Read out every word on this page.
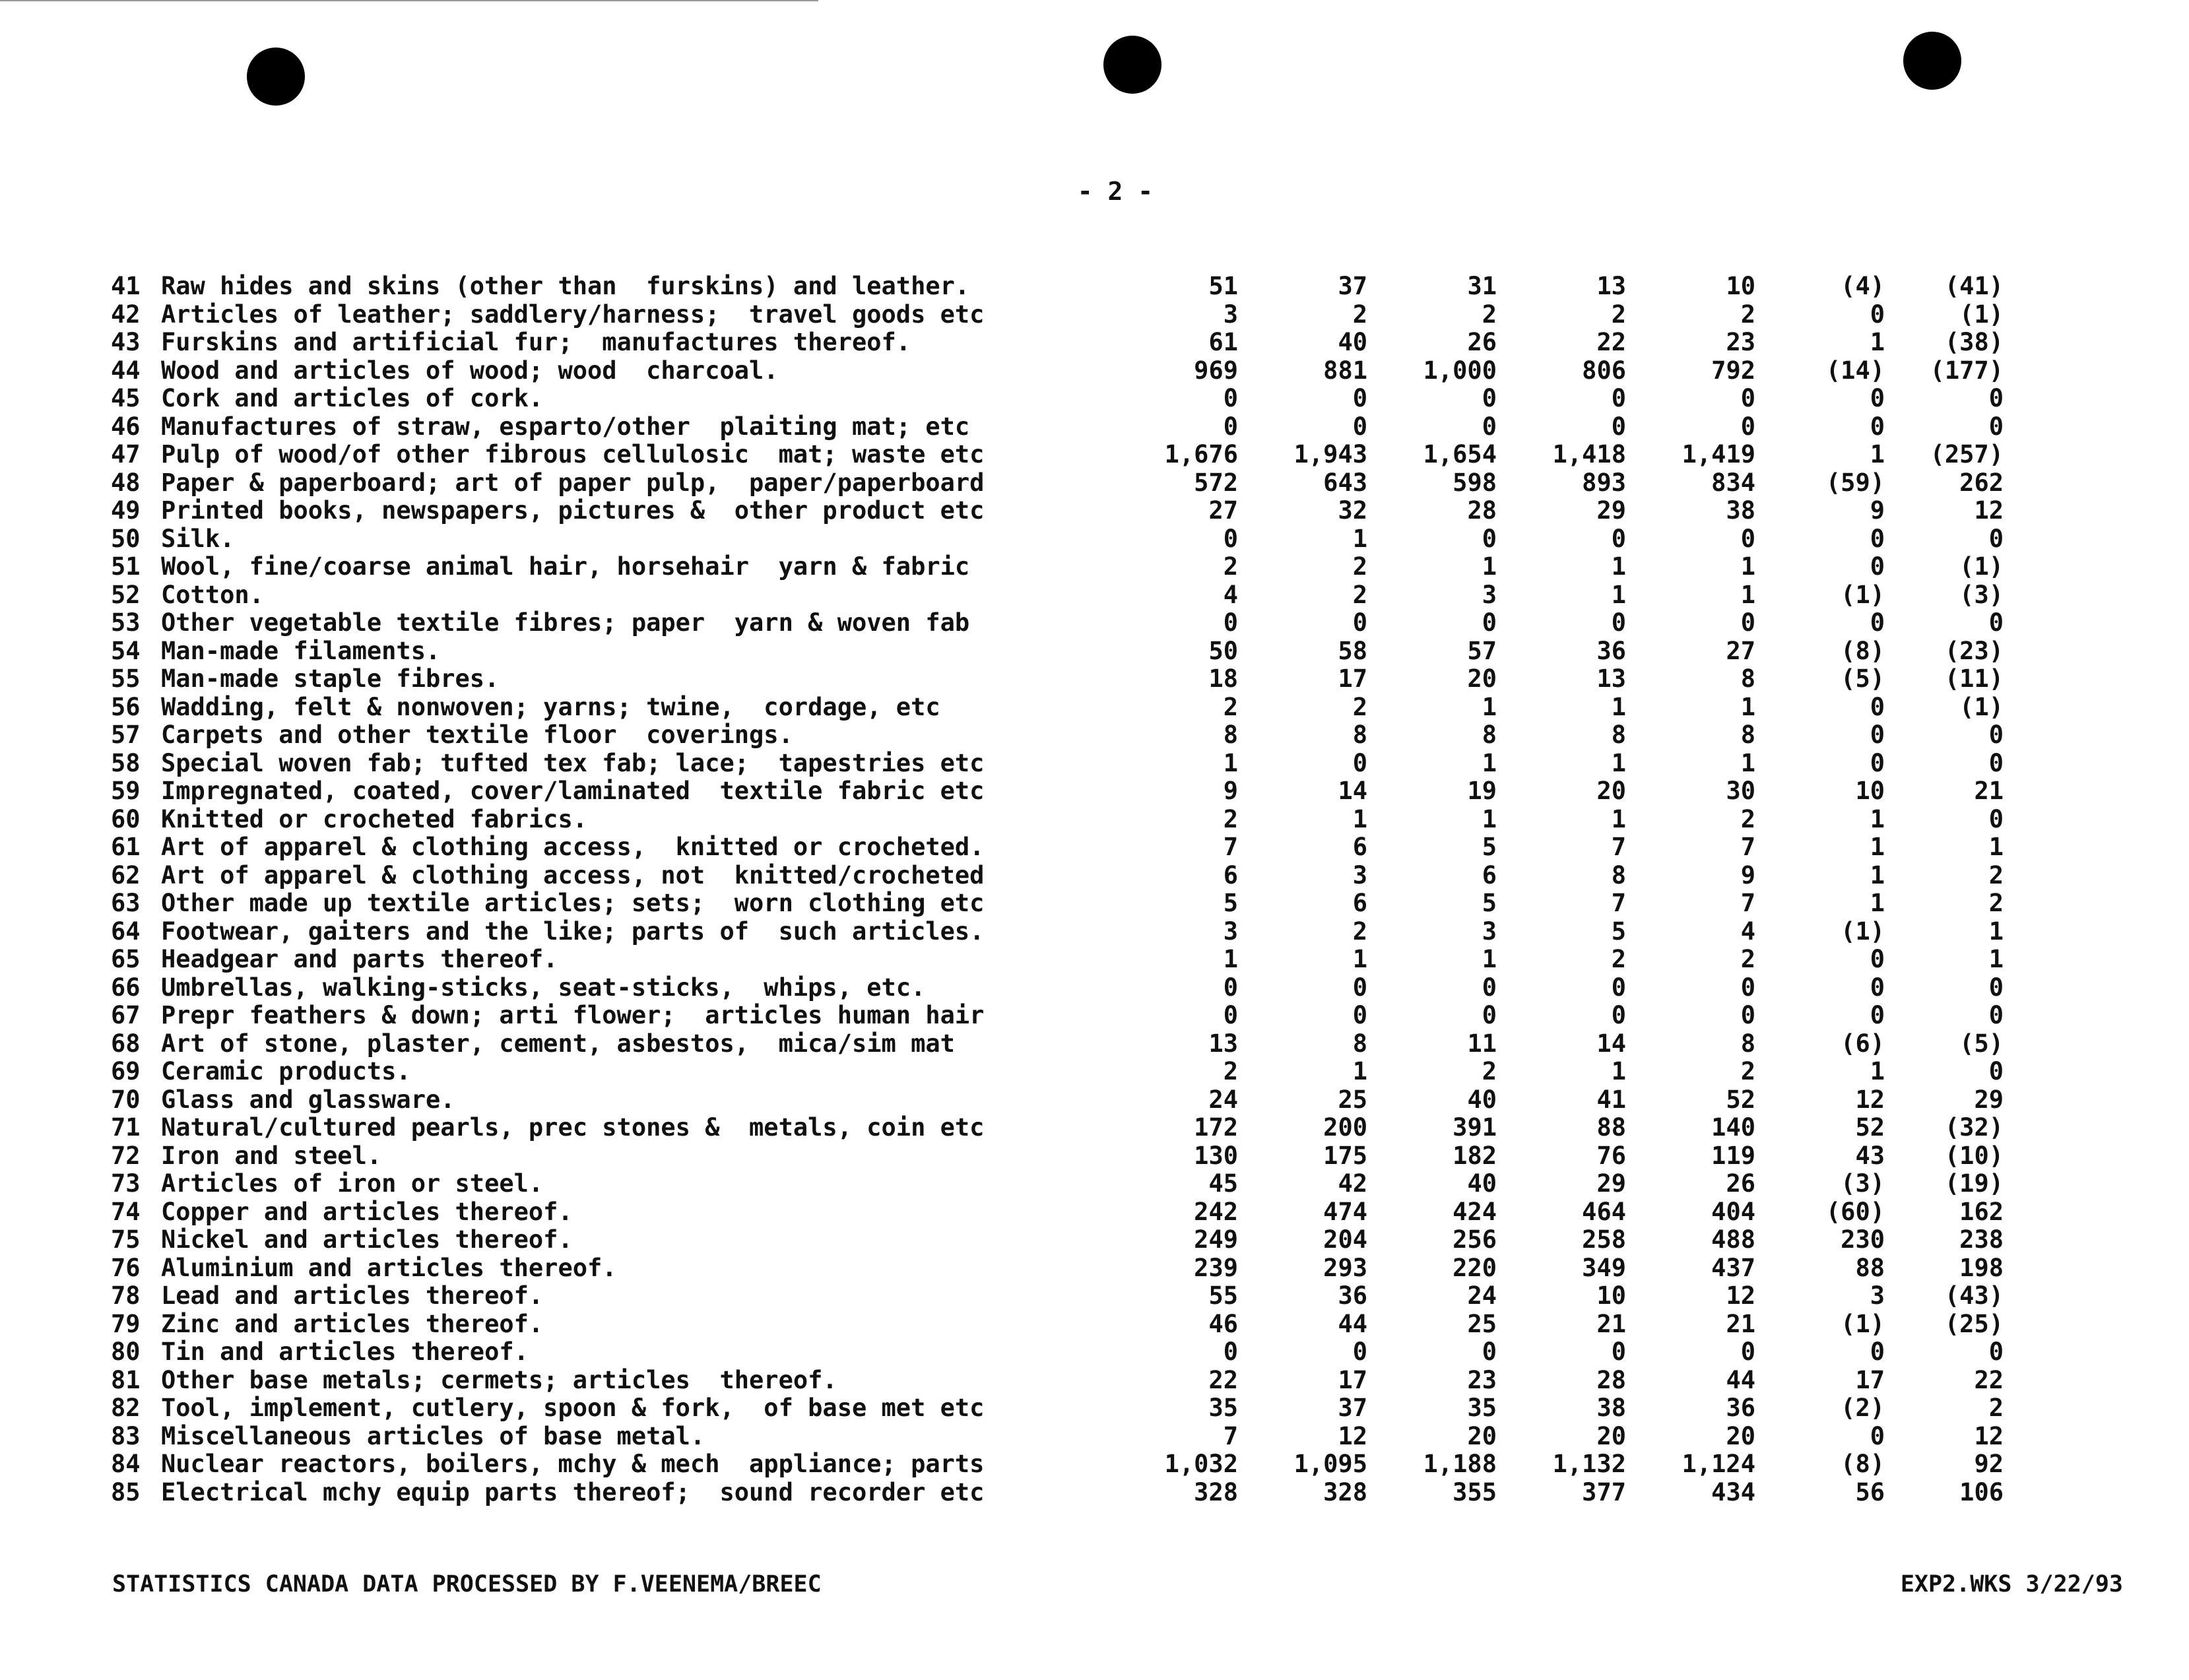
- 2 -
41	Raw hides and skins (other than  furskins) and leather.	51	37	31	13	10	(4)	(41)
42	Articles of leather; saddlery/harness;  travel goods etc	3	2	2	2	2	0	(1)
43	Furskins and artificial fur;  manufactures thereof.	61	40	26	22	23	1	(38)
44	Wood and articles of wood; wood  charcoal.	969	881	1,000	806	792	(14)	(177)
45	Cork and articles of cork.	0	0	0	0	0	0	0
46	Manufactures of straw, esparto/other  plaiting mat; etc	0	0	0	0	0	0	0
47	Pulp of wood/of other fibrous cellulosic  mat; waste etc	1,676	1,943	1,654	1,418	1,419	1	(257)
48	Paper & paperboard; art of paper pulp,  paper/paperboard	572	643	598	893	834	(59)	262
49	Printed books, newspapers, pictures &  other product etc	27	32	28	29	38	9	12
50	Silk.	0	1	0	0	0	0	0
51	Wool, fine/coarse animal hair, horsehair  yarn & fabric	2	2	1	1	1	0	(1)
52	Cotton.	4	2	3	1	1	(1)	(3)
53	Other vegetable textile fibres; paper  yarn & woven fab	0	0	0	0	0	0	0
54	Man-made filaments.	50	58	57	36	27	(8)	(23)
55	Man-made staple fibres.	18	17	20	13	8	(5)	(11)
56	Wadding, felt & nonwoven; yarns; twine,  cordage, etc	2	2	1	1	1	0	(1)
57	Carpets and other textile floor  coverings.	8	8	8	8	8	0	0
58	Special woven fab; tufted tex fab; lace;  tapestries etc	1	0	1	1	1	0	0
59	Impregnated, coated, cover/laminated  textile fabric etc	9	14	19	20	30	10	21
60	Knitted or crocheted fabrics.	2	1	1	1	2	1	0
61	Art of apparel & clothing access,  knitted or crocheted.	7	6	5	7	7	1	1
62	Art of apparel & clothing access, not  knitted/crocheted	6	3	6	8	9	1	2
63	Other made up textile articles; sets;  worn clothing etc	5	6	5	7	7	1	2
64	Footwear, gaiters and the like; parts of  such articles.	3	2	3	5	4	(1)	1
65	Headgear and parts thereof.	1	1	1	2	2	0	1
66	Umbrellas, walking-sticks, seat-sticks,  whips, etc.	0	0	0	0	0	0	0
67	Prepr feathers & down; arti flower;  articles human hair	0	0	0	0	0	0	0
68	Art of stone, plaster, cement, asbestos,  mica/sim mat	13	8	11	14	8	(6)	(5)
69	Ceramic products.	2	1	2	1	2	1	0
70	Glass and glassware.	24	25	40	41	52	12	29
71	Natural/cultured pearls, prec stones &  metals, coin etc	172	200	391	88	140	52	(32)
72	Iron and steel.	130	175	182	76	119	43	(10)
73	Articles of iron or steel.	45	42	40	29	26	(3)	(19)
74	Copper and articles thereof.	242	474	424	464	404	(60)	162
75	Nickel and articles thereof.	249	204	256	258	488	230	238
76	Aluminium and articles thereof.	239	293	220	349	437	88	198
78	Lead and articles thereof.	55	36	24	10	12	3	(43)
79	Zinc and articles thereof.	46	44	25	21	21	(1)	(25)
80	Tin and articles thereof.	0	0	0	0	0	0	0
81	Other base metals; cermets; articles  thereof.	22	17	23	28	44	17	22
82	Tool, implement, cutlery, spoon & fork,  of base met etc	35	37	35	38	36	(2)	2
83	Miscellaneous articles of base metal.	7	12	20	20	20	0	12
84	Nuclear reactors, boilers, mchy & mech  appliance; parts	1,032	1,095	1,188	1,132	1,124	(8)	92
85	Electrical mchy equip parts thereof;  sound recorder etc	328	328	355	377	434	56	106
STATISTICS CANADA DATA PROCESSED BY F.VEENEMA/BREEC	EXP2.WKS 3/22/93
